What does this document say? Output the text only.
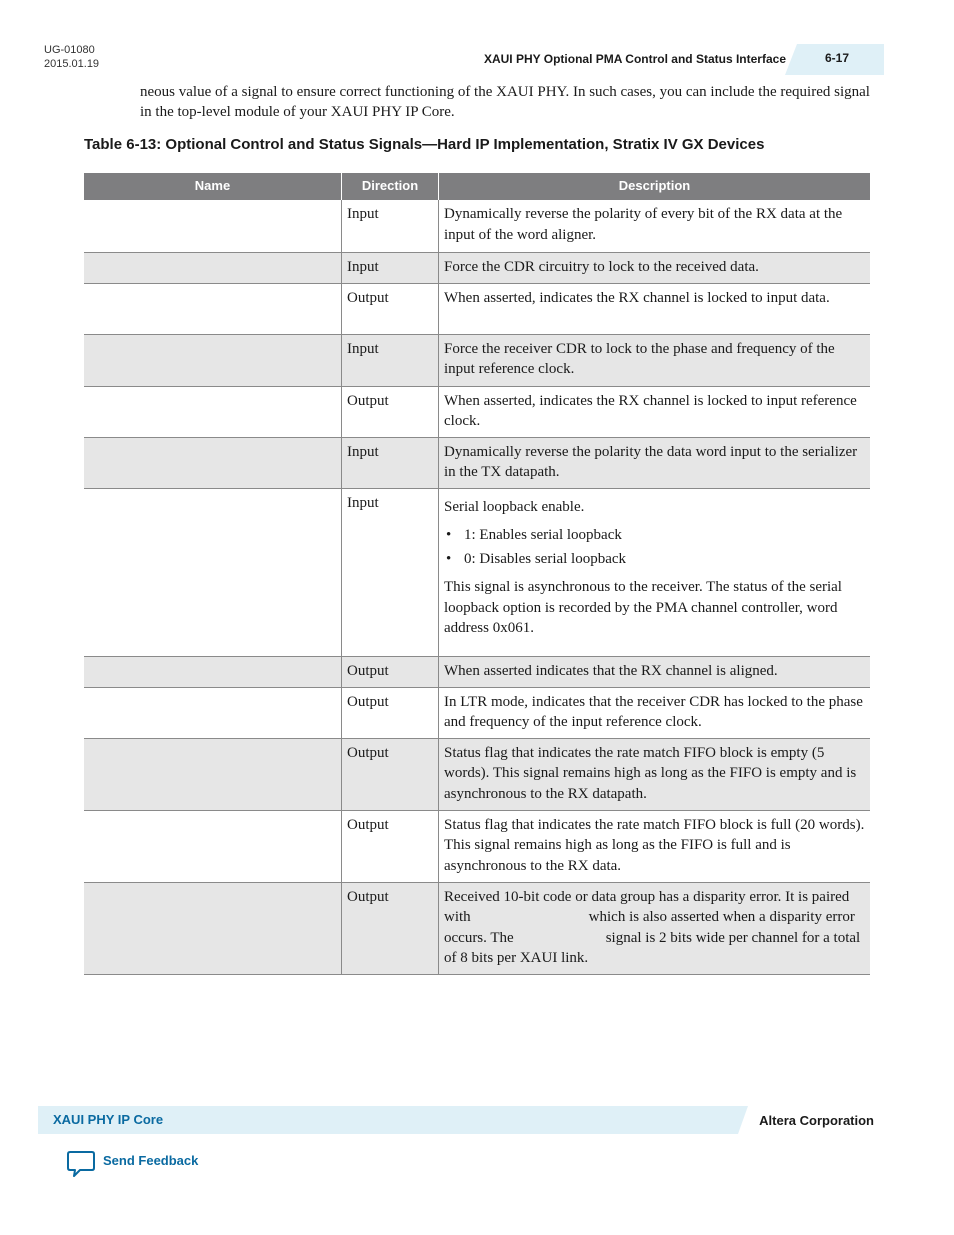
UG-01080
2015.01.19	XAUI PHY Optional PMA Control and Status Interface	6-17
neous value of a signal to ensure correct functioning of the XAUI PHY. In such cases, you can include the required signal in the top-level module of your XAUI PHY IP Core.
Table 6-13: Optional Control and Status Signals—Hard IP Implementation, Stratix IV GX Devices
Name	Direction	Description
	Input	Dynamically reverse the polarity of every bit of the RX data at the input of the word aligner.
	Input	Force the CDR circuitry to lock to the received data.
	Output	When asserted, indicates the RX channel is locked to input data.
	Input	Force the receiver CDR to lock to the phase and frequency of the input reference clock.
	Output	When asserted, indicates the RX channel is locked to input reference clock.
	Input	Dynamically reverse the polarity the data word input to the serializer in the TX datapath.
	Input	Serial loopback enable.

• 1: Enables serial loopback
• 0: Disables serial loopback

This signal is asynchronous to the receiver. The status of the serial loopback option is recorded by the PMA channel controller, word address 0x061.

	Output	When asserted indicates that the RX channel is aligned.
	Output	In LTR mode, indicates that the receiver CDR has locked to the phase and frequency of the input reference clock.
	Output	Status flag that indicates the rate match FIFO block is empty (5 words). This signal remains high as long as the FIFO is empty and is asynchronous to the RX datapath.
	Output	Status flag that indicates the rate match FIFO block is full (20 words). This signal remains high as long as the FIFO is full and is asynchronous to the RX data.
	Output	Received 10-bit code or data group has a disparity error. It is paired with which is also asserted when a disparity error occurs. The signal is 2 bits wide per channel for a total of 8 bits per XAUI link.
XAUI PHY IP Core	Altera Corporation
Send Feedback
